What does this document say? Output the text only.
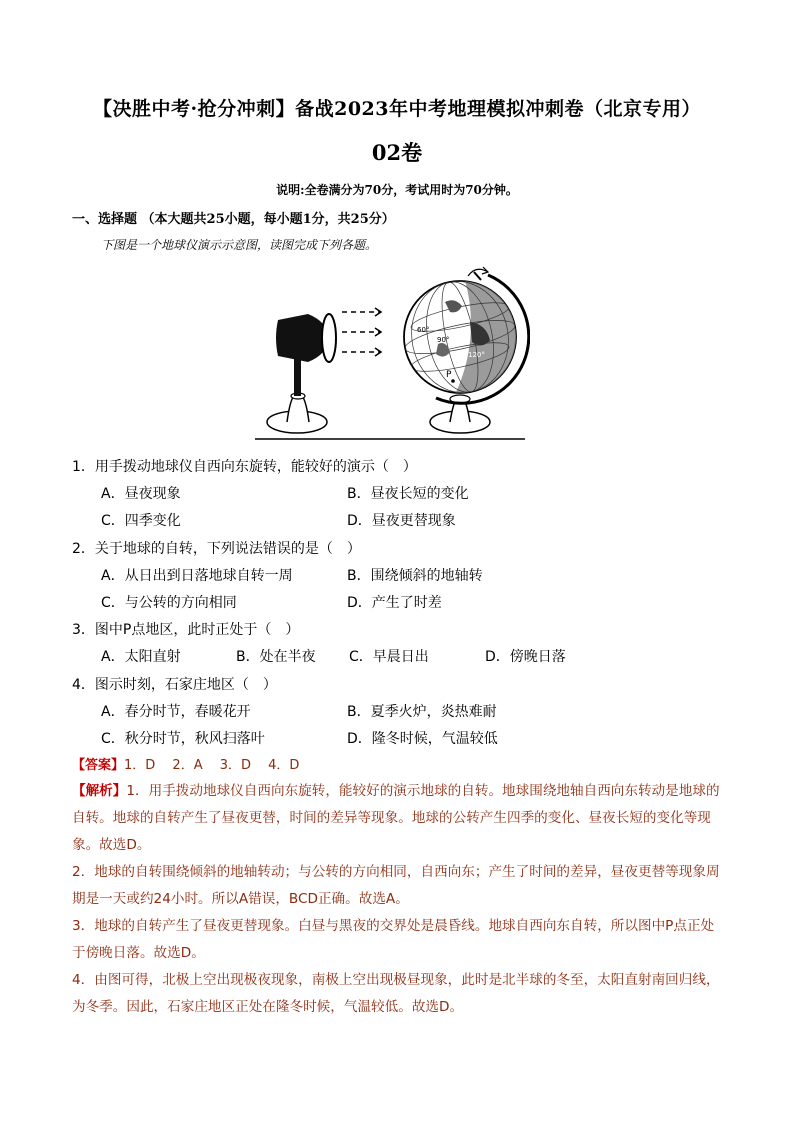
【决胜中考·抢分冲刺】备战2023年中考地理模拟冲刺卷（北京专用）
02卷
说明:全卷满分为70分，考试用时为70分钟。
一、选择题 （本大题共25小题，每小题1分，共25分）
下图是一个地球仪演示示意图，读图完成下列各题。
60°
90°
120°
P
1．用手拨动地球仪自西向东旋转，能较好的演示（　）
A．昼夜现象	B．昼夜长短的变化
C．四季变化	D．昼夜更替现象
2．关于地球的自转，下列说法错误的是（　）
A．从日出到日落地球自转一周	B．围绕倾斜的地轴转
C．与公转的方向相同	D．产生了时差
3．图中P点地区，此时正处于（　）
A．太阳直射	B．处在半夜 C．早晨日出	D．傍晚日落
4．图示时刻，石家庄地区（　）
A．春分时节，春暖花开	B．夏季火炉，炎热难耐
C．秋分时节，秋风扫落叶	D．隆冬时候，气温较低
【答案】1．D　 2．A　 3．D　 4．D
【解析】1．用手拨动地球仪自西向东旋转，能较好的演示地球的自转。地球围绕地轴自西向东转动是地球的自转。地球的自转产生了昼夜更替，时间的差异等现象。地球的公转产生四季的变化、昼夜长短的变化等现象。故选D。
2．地球的自转围绕倾斜的地轴转动；与公转的方向相同，自西向东；产生了时间的差异，昼夜更替等现象周期是一天或约24小时。所以A错误，BCD正确。故选A。
3．地球的自转产生了昼夜更替现象。白昼与黑夜的交界处是晨昏线。地球自西向东自转，所以图中P点正处于傍晚日落。故选D。
4．由图可得，北极上空出现极夜现象，南极上空出现极昼现象，此时是北半球的冬至，太阳直射南回归线，为冬季。因此，石家庄地区正处在隆冬时候，气温较低。故选D。
